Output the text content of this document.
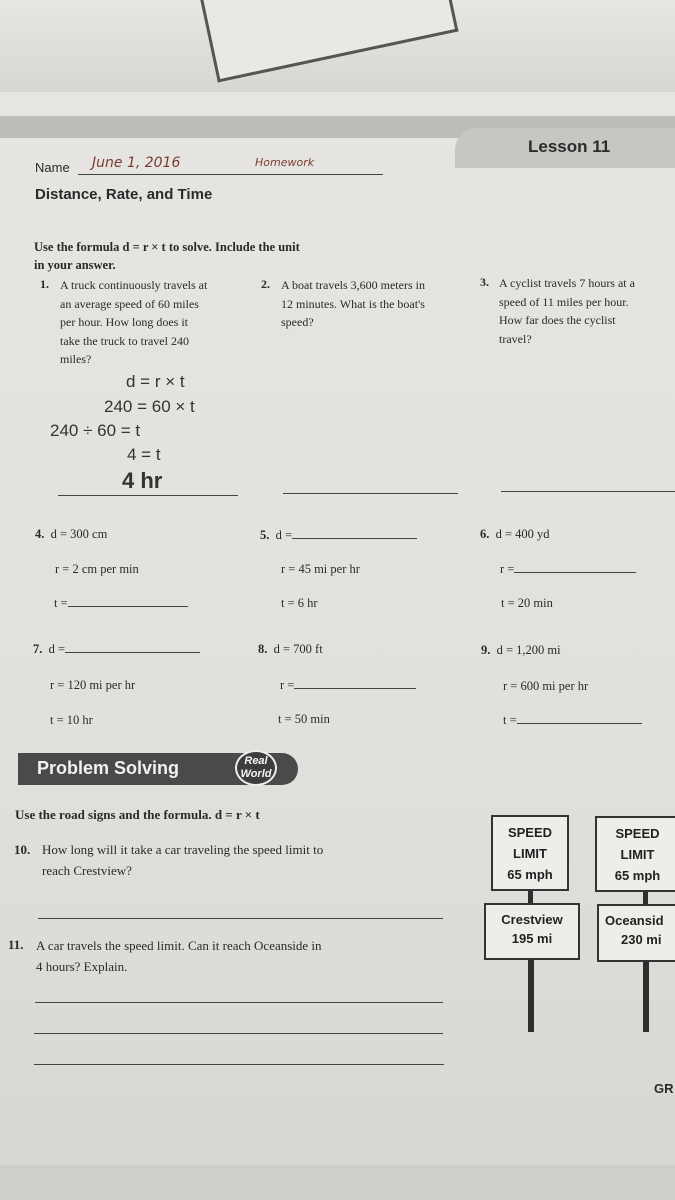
Lesson 11
Name June 1, 2016	Homework
Distance, Rate, and Time
Use the formula d = r × t to solve. Include the unit
in your answer.
1. A truck continuously travels at
an average speed of 60 miles
per hour. How long does it
take the truck to travel 240
miles?
2. A boat travels 3,600 meters in
12 minutes. What is the boat's
speed?
3. A cyclist travels 7 hours at a
speed of 11 miles per hour.
How far does the cyclist
travel?
d = r × t
240 = 60 × t
240 ÷ 60 = t
4 = t
4 hr
4. d = 300 cm
r = 2 cm per min
t =
5. d =
r = 45 mi per hr
t = 6 hr
6. d = 400 yd
r =
t = 20 min
7. d =
r = 120 mi per hr
t = 10 hr
8. d = 700 ft
r =
t = 50 min
9. d = 1,200 mi
r = 600 mi per hr
t =
Problem Solving	Real
World
Use the road signs and the formula. d = r × t
10. How long will it take a car traveling the speed limit to
reach Crestview?
11. A car travels the speed limit. Can it reach Oceanside in
4 hours? Explain.
SPEED
LIMIT
65 mph
Crestview
195 mi
SPEED
LIMIT
65 mph
Oceansid
230 mi
GR
